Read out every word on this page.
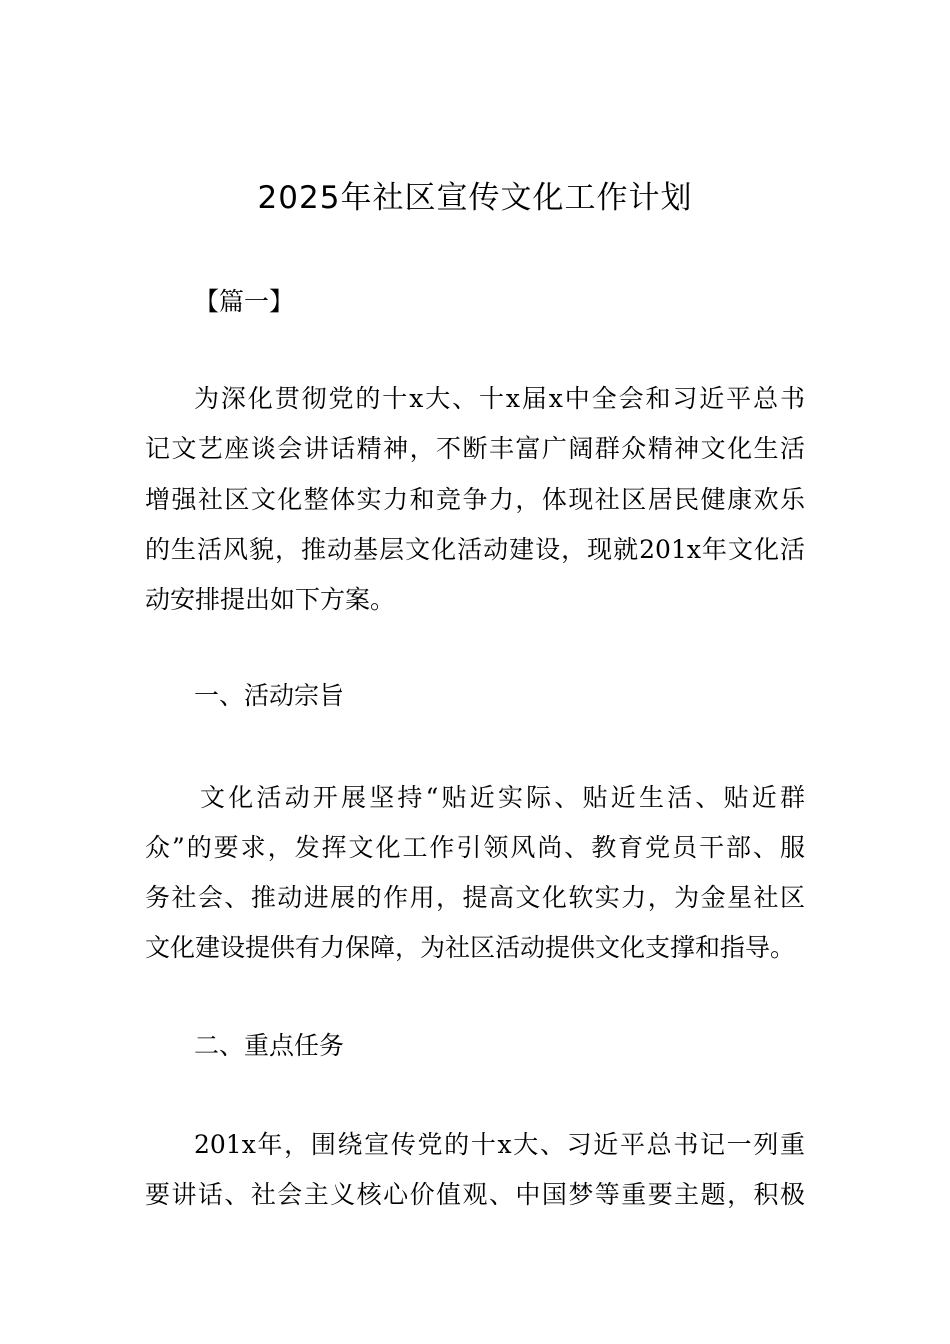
2025年社区宣传文化工作计划
【篇一】
为深化贯彻党的十x大、十x届x中全会和习近平总书
记文艺座谈会讲话精神，不断丰富广阔群众精神文化生活
增强社区文化整体实力和竞争力，体现社区居民健康欢乐
的生活风貌，推动基层文化活动建设，现就201x年文化活
动安排提出如下方案。
一、活动宗旨
文化活动开展坚持“贴近实际、贴近生活、贴近群
众”的要求，发挥文化工作引领风尚、教育党员干部、服
务社会、推动进展的作用，提高文化软实力，为金星社区
文化建设提供有力保障，为社区活动提供文化支撑和指导。
二、重点任务
201x年，围绕宣传党的十x大、习近平总书记一列重
要讲话、社会主义核心价值观、中国梦等重要主题，积极
